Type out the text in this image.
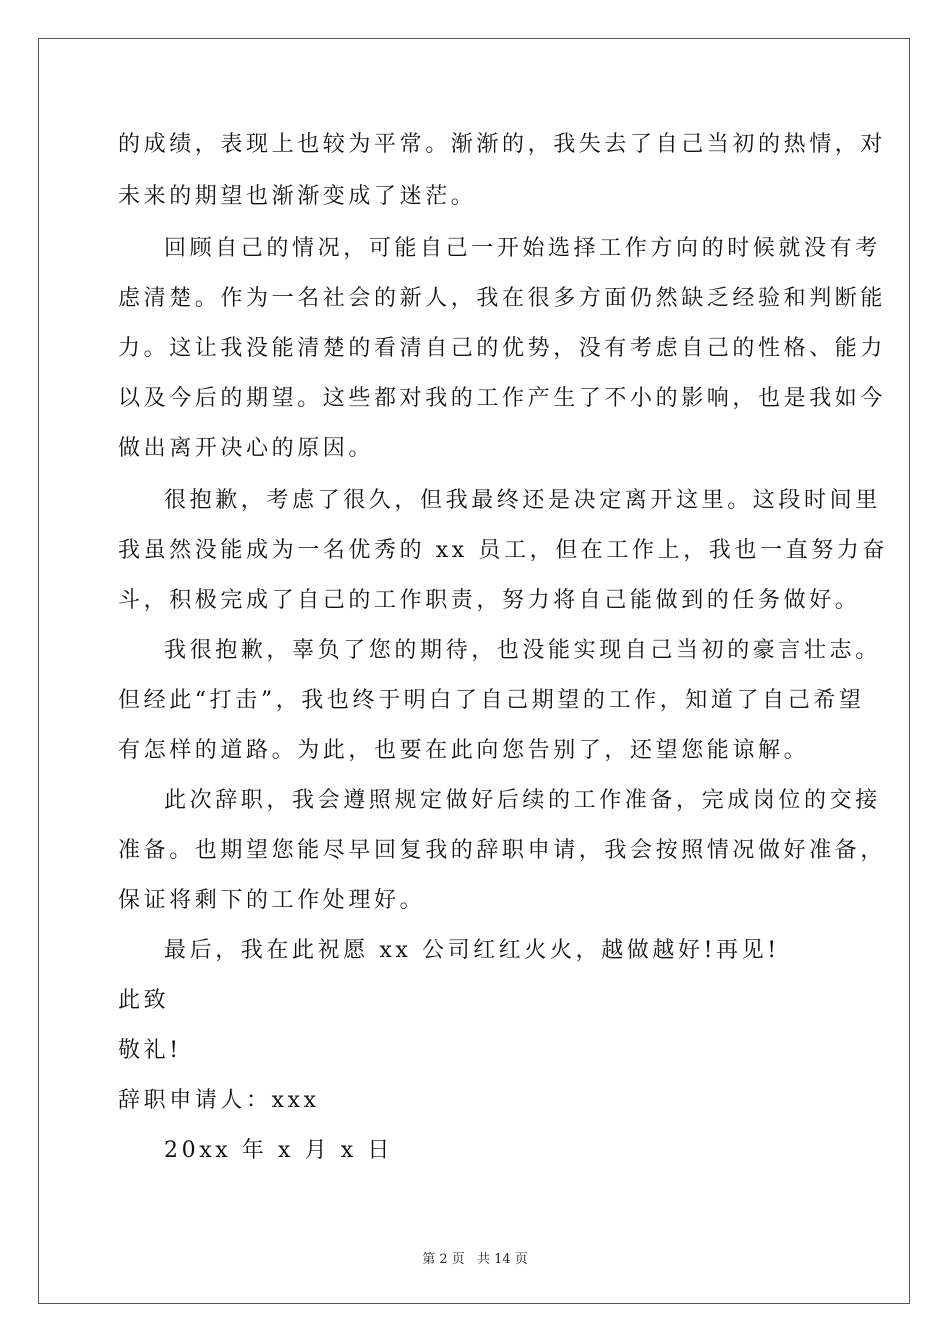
的成绩，表现上也较为平常。渐渐的，我失去了自己当初的热情，对
未来的期望也渐渐变成了迷茫。
回顾自己的情况，可能自己一开始选择工作方向的时候就没有考
虑清楚。作为一名社会的新人，我在很多方面仍然缺乏经验和判断能
力。这让我没能清楚的看清自己的优势，没有考虑自己的性格、能力
以及今后的期望。这些都对我的工作产生了不小的影响，也是我如今
做出离开决心的原因。
很抱歉，考虑了很久，但我最终还是决定离开这里。这段时间里
我虽然没能成为一名优秀的 xx 员工，但在工作上，我也一直努力奋
斗，积极完成了自己的工作职责，努力将自己能做到的任务做好。
我很抱歉，辜负了您的期待，也没能实现自己当初的豪言壮志。
但经此“打击”，我也终于明白了自己期望的工作，知道了自己希望
有怎样的道路。为此，也要在此向您告别了，还望您能谅解。
此次辞职，我会遵照规定做好后续的工作准备，完成岗位的交接
准备。也期望您能尽早回复我的辞职申请，我会按照情况做好准备，
保证将剩下的工作处理好。
最后，我在此祝愿 xx 公司红红火火，越做越好!再见!
此致
敬礼!
辞职申请人：xxx
20xx 年 x 月 x 日
第 2 页 共 14 页
